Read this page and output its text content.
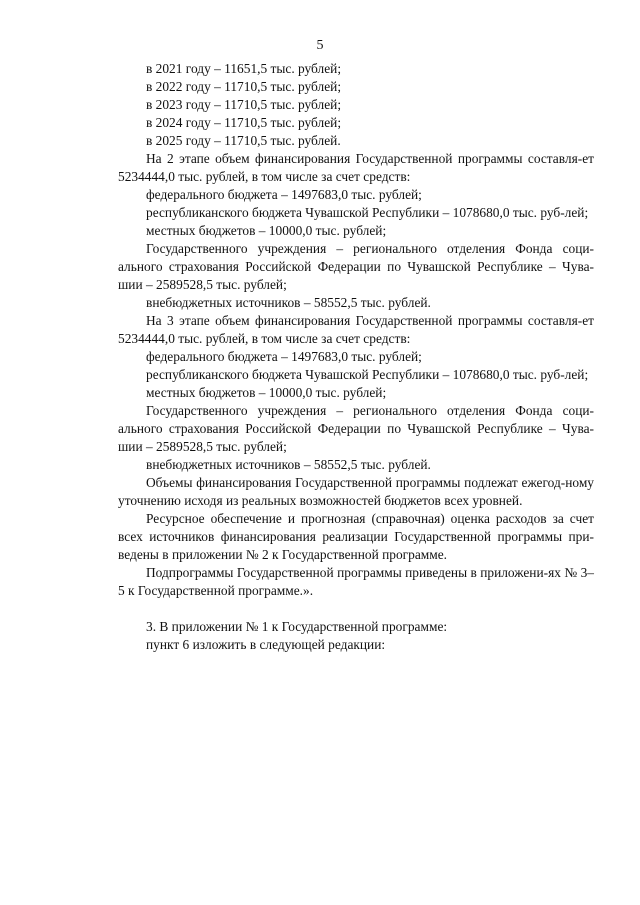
5

в 2021 году – 11651,5 тыс. рублей;

в 2022 году – 11710,5 тыс. рублей;

в 2023 году – 11710,5 тыс. рублей;

в 2024 году – 11710,5 тыс. рублей;

в 2025 году – 11710,5 тыс. рублей.

На 2 этапе объем финансирования Государственной программы составля-ет 5234444,0 тыс. рублей, в том числе за счет средств:

федерального бюджета – 1497683,0 тыс. рублей;

республиканского бюджета Чувашской Республики – 1078680,0 тыс. руб-лей;

местных бюджетов – 10000,0 тыс. рублей;

Государственного учреждения – регионального отделения Фонда соци-ального страхования Российской Федерации по Чувашской Республике – Чува-шии – 2589528,5 тыс. рублей;

внебюджетных источников – 58552,5 тыс. рублей.

На 3 этапе объем финансирования Государственной программы составля-ет 5234444,0 тыс. рублей, в том числе за счет средств:

федерального бюджета – 1497683,0 тыс. рублей;

республиканского бюджета Чувашской Республики – 1078680,0 тыс. руб-лей;

местных бюджетов – 10000,0 тыс. рублей;

Государственного учреждения – регионального отделения Фонда соци-ального страхования Российской Федерации по Чувашской Республике – Чува-шии – 2589528,5 тыс. рублей;

внебюджетных источников – 58552,5 тыс. рублей.

Объемы финансирования Государственной программы подлежат ежегод-ному уточнению исходя из реальных возможностей бюджетов всех уровней.

Ресурсное обеспечение и прогнозная (справочная) оценка расходов за счет всех источников финансирования реализации Государственной программы при-ведены в приложении № 2 к Государственной программе.

Подпрограммы Государственной программы приведены в приложени-ях № 3–5 к Государственной программе.».

3. В приложении № 1 к Государственной программе:

пункт 6 изложить в следующей редакции:
